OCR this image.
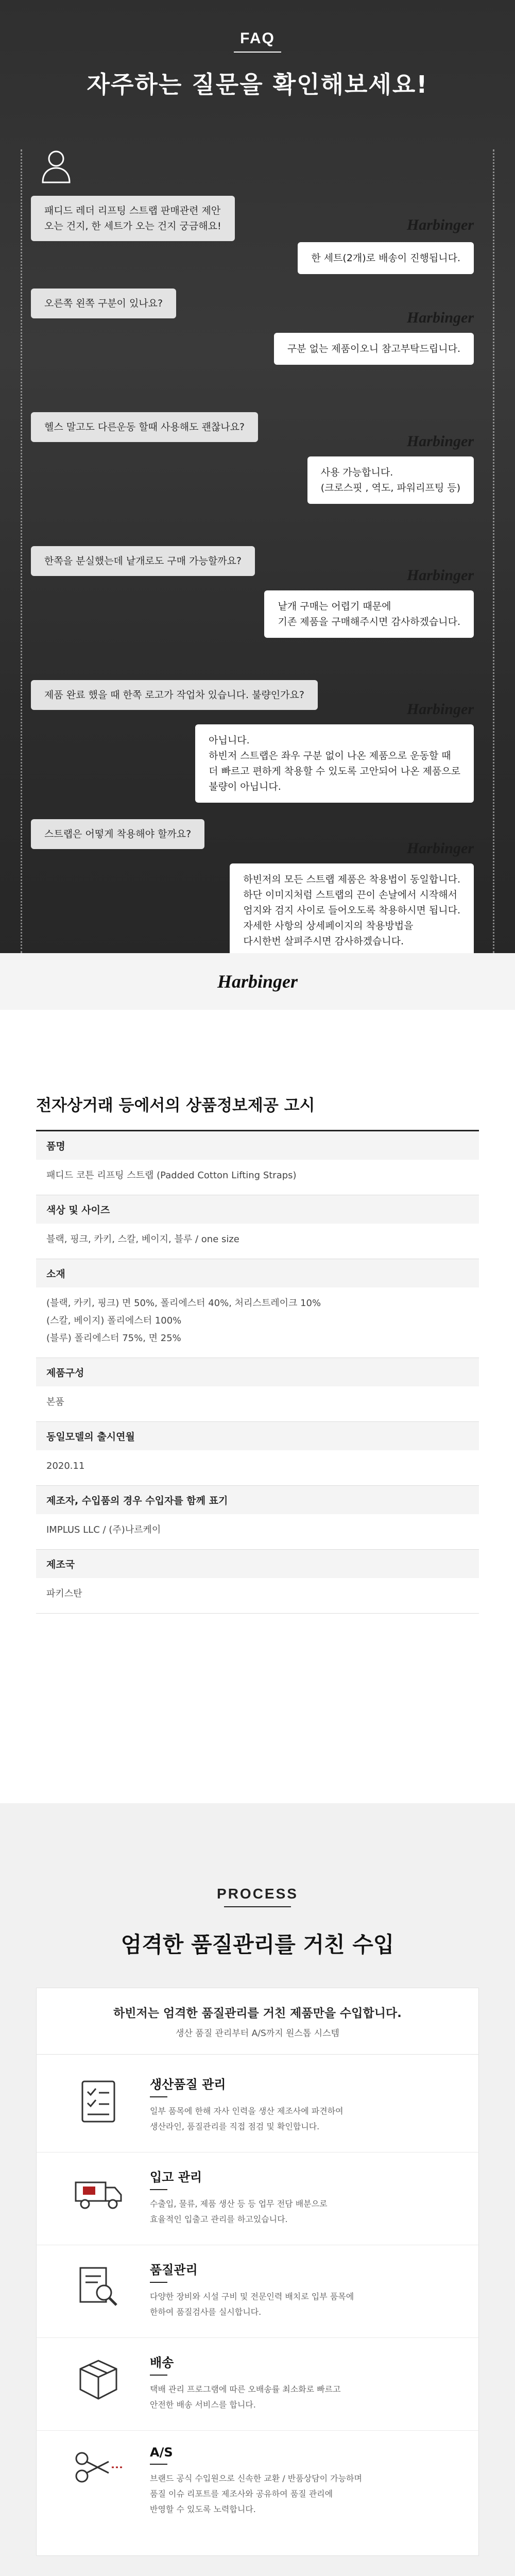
FAQ
자주하는 질문을 확인해보세요!
패디드 레더 리프팅 스트랩 판매관련 제안
오는 건지, 한 세트가 오는 건지 궁금해요!	Harbinger
한 세트(2개)로 배송이 진행됩니다.
오른쪽 왼쪽 구분이 있나요?
Harbinger
구분 없는 제품이오니 참고부탁드립니다.
헬스 말고도 다른운동 할때 사용해도 괜찮나요?
Harbinger
사용 가능합니다.
(크로스핏 , 역도, 파워리프팅 등)
한쪽을 분실했는데 낱개로도 구매 가능할까요?
Harbinger
낱개 구매는 어렵기 때문에
기존 제품을 구매해주시면 감사하겠습니다.
제품 완료 했을 때 한쪽 로고가 작업차 있습니다. 불량인가요?
Harbinger
아닙니다.
하빈저 스트랩은 좌우 구분 없이 나온 제품으로 운동할 때
더 빠르고 편하게 착용할 수 있도록 고안되어 나온 제품으로
불량이 아닙니다.
스트랩은 어떻게 착용해야 할까요?
Harbinger
하빈저의 모든 스트랩 제품은 착용법이 동일합니다.
하단 이미지처럼 스트랩의 끈이 손날에서 시작해서
엄지와 검지 사이로 들어오도록 착용하시면 됩니다.
자세한 사항의 상세페이지의 착용방법을
다시한번 살펴주시면 감사하겠습니다.
Harbinger
전자상거래 등에서의 상품정보제공 고시
품명
패디드 코튼 리프팅 스트랩 (Padded Cotton Lifting Straps)
색상 및 사이즈
블랙, 핑크, 카키, 스칼, 베이지, 블루 / one size
소재
(블랙, 카키, 핑크) 면 50%, 폴리에스터 40%, 처리스트레이크 10%
(스칼, 베이지) 폴리에스터 100%
(블루) 폴리에스터 75%, 면 25%
제품구성
본품
동일모델의 출시연월
2020.11
제조자, 수입품의 경우 수입자를 함께 표기
IMPLUS LLC / (주)나르케이
제조국
파키스탄
PROCESS
엄격한 품질관리를 거친 수입
하빈저는 엄격한 품질관리를 거친 제품만을 수입합니다.
생산 품질 관리부터 A/S까지 원스톱 시스템
생산품질 관리
일부 품목에 한해 자사 인력을 생산 제조사에 파견하여
생산라인, 품질관리를 직접 점검 및 확인합니다.
입고 관리
수출입, 물류, 제품 생산 등 등 업무 전담 배분으로
효율적인 입출고 관리를 하고있습니다.
품질관리
다양한 장비와 시설 구비 및 전문인력 배치로 입부 품목에
한하여 품질검사를 실시합니다.
배송
택배 관리 프로그램에 따른 오배송률 최소화로 빠르고
안전한 배송 서비스를 합니다.
A/S
브랜드 공식 수입원으로 신속한 교환 / 반품상담이 가능하며
품질 이슈 리포트를 제조사와 공유하여 품질 관리에
반영할 수 있도록 노력합니다.
